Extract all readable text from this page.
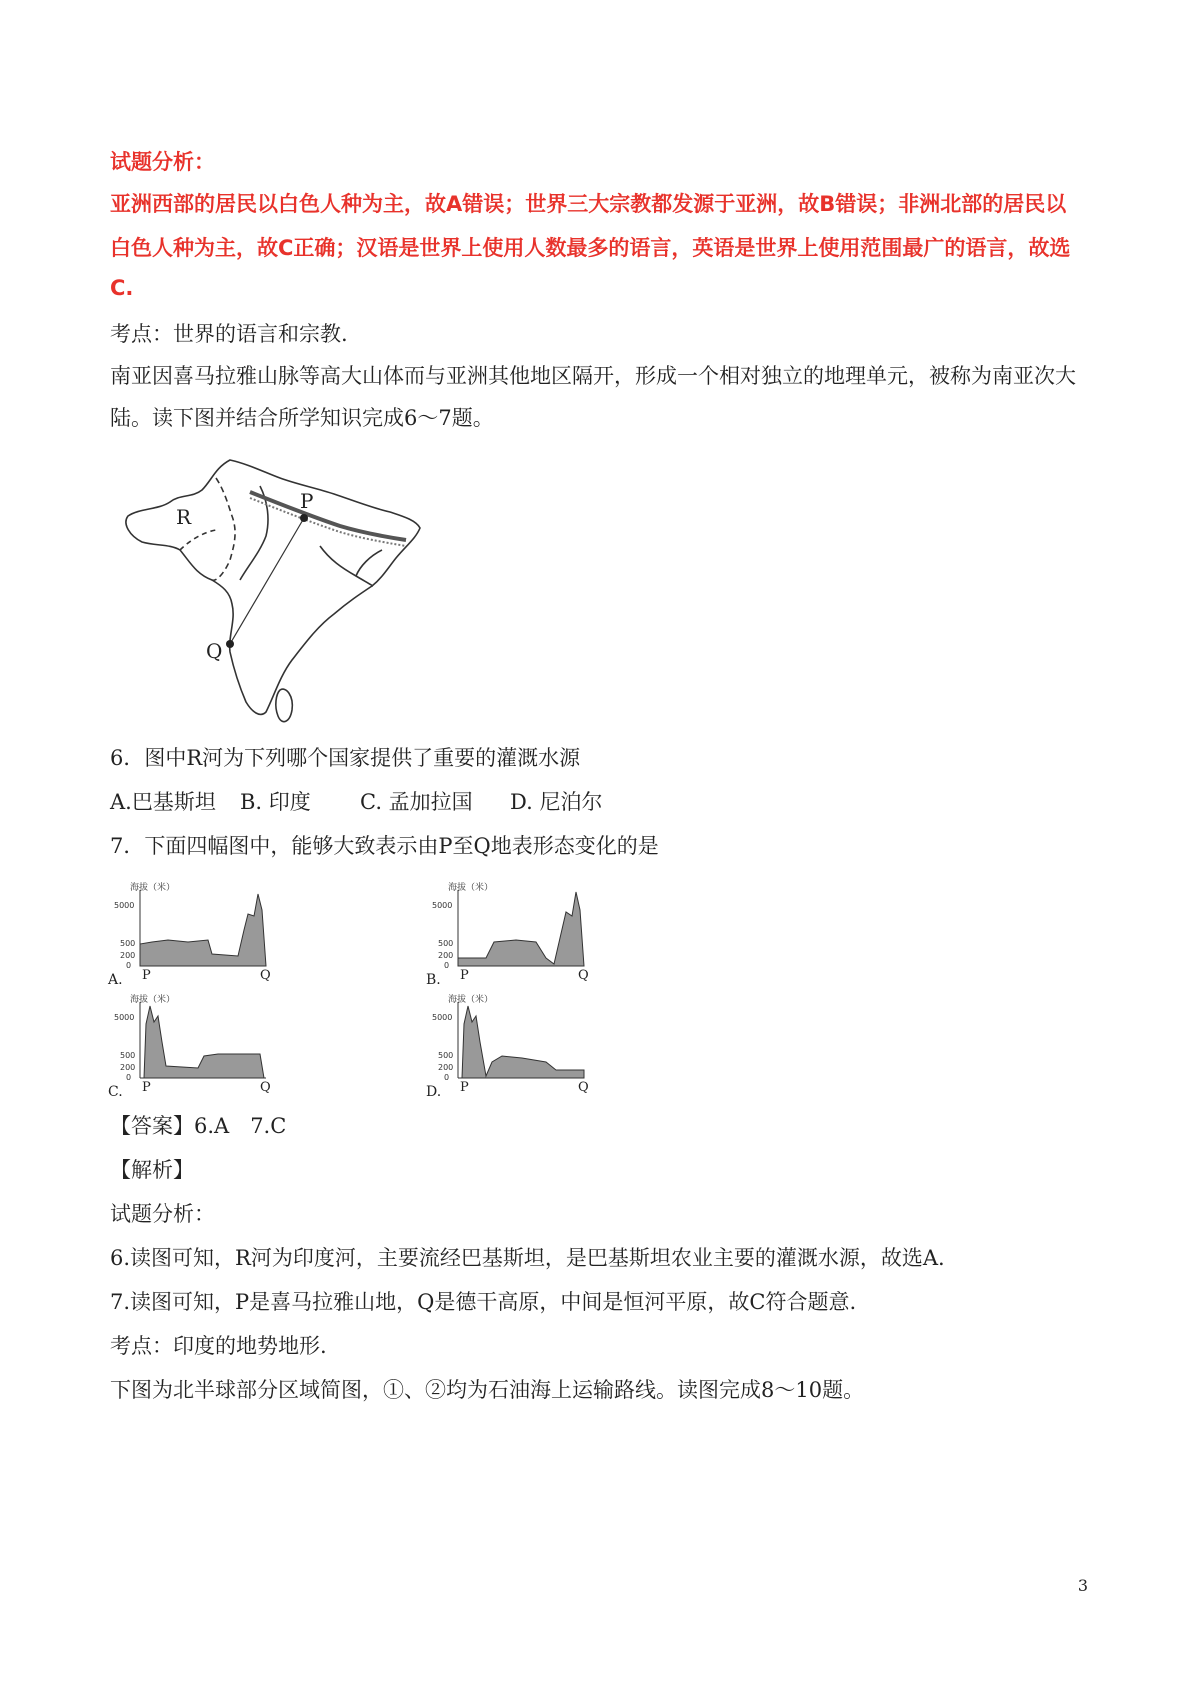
试题分析：
亚洲西部的居民以白色人种为主，故A错误；世界三大宗教都发源于亚洲，故B错误；非洲北部的居民以
白色人种为主，故C正确；汉语是世界上使用人数最多的语言，英语是世界上使用范围最广的语言，故选
C.
考点：世界的语言和宗教.
南亚因喜马拉雅山脉等高大山体而与亚洲其他地区隔开，形成一个相对独立的地理单元，被称为南亚次大
陆。读下图并结合所学知识完成6～7题。
P
R
Q
6．图中R河为下列哪个国家提供了重要的灌溉水源
A.巴基斯坦 B. 印度 C. 孟加拉国 D. 尼泊尔
7．下面四幅图中，能够大致表示由P至Q地表形态变化的是
海拔（米）
5000
500
200
0
A. P	Q
海拔（米）
5000
500
200
0
B. P	Q
海拔（米）
5000
500
200
0
C. P	Q
海拔（米）
5000
500
200
0
D. P	Q
【答案】6.A　7.C
【解析】
试题分析：
6.读图可知，R河为印度河，主要流经巴基斯坦，是巴基斯坦农业主要的灌溉水源，故选A.
7.读图可知，P是喜马拉雅山地，Q是德干高原，中间是恒河平原，故C符合题意.
考点：印度的地势地形.
下图为北半球部分区域简图，①、②均为石油海上运输路线。读图完成8～10题。
3
